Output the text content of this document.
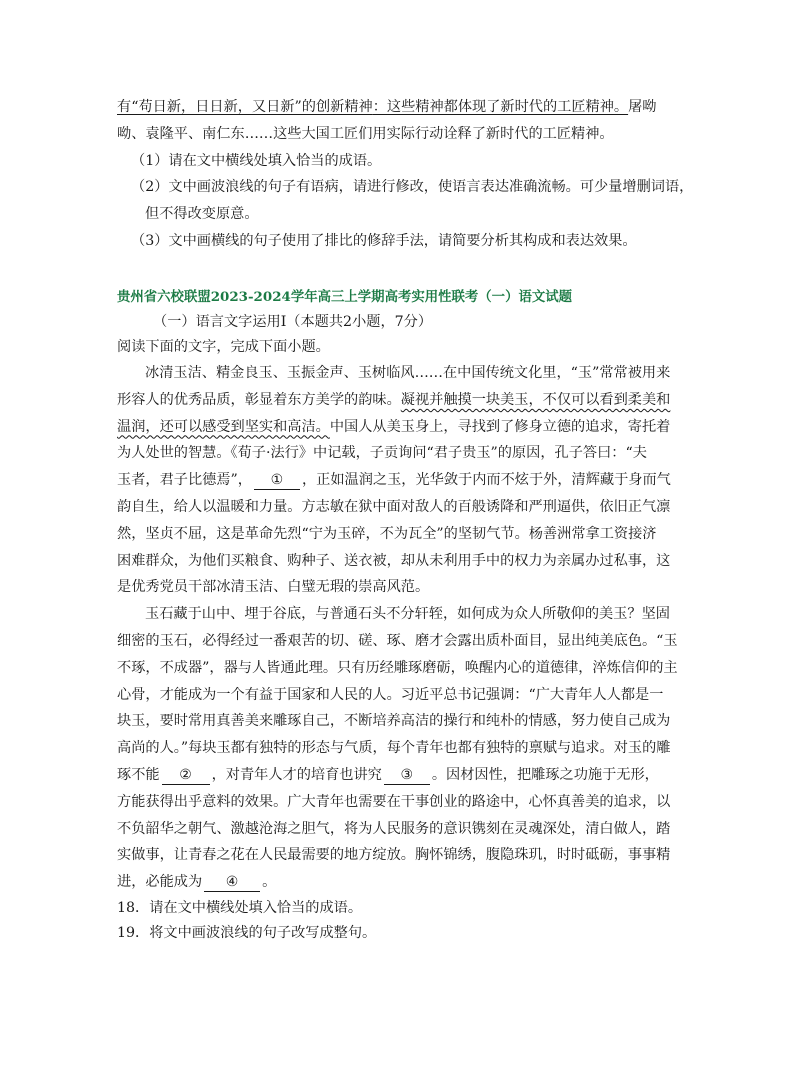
有“苟日新，日日新，又日新”的创新精神：这些精神都体现了新时代的工匠精神。屠呦
呦、袁隆平、南仁东……这些大国工匠们用实际行动诠释了新时代的工匠精神。
（1）请在文中横线处填入恰当的成语。
（2）文中画波浪线的句子有语病，请进行修改，使语言表达准确流畅。可少量增删词语，
但不得改变原意。
（3）文中画横线的句子使用了排比的修辞手法，请简要分析其构成和表达效果。
贵州省六校联盟2023-2024学年高三上学期高考实用性联考（一）语文试题
（一）语言文字运用Ⅰ（本题共2小题，7分）
阅读下面的文字，完成下面小题。
冰清玉洁、精金良玉、玉振金声、玉树临风……在中国传统文化里，“玉”常常被用来
形容人的优秀品质，彰显着东方美学的韵味。凝视并触摸一块美玉，不仅可以看到柔美和
温润，还可以感受到坚实和高洁。中国人从美玉身上，寻找到了修身立德的追求，寄托着
为人处世的智慧。《荀子·法行》中记载，子贡询问“君子贵玉”的原因，孔子答曰：“夫
玉者，君子比德焉”， ① ，正如温润之玉，光华敛于内而不炫于外，清辉藏于身而气
韵自生，给人以温暖和力量。方志敏在狱中面对敌人的百般诱降和严刑逼供，依旧正气凛
然，坚贞不屈，这是革命先烈“宁为玉碎，不为瓦全”的坚韧气节。杨善洲常拿工资接济
困难群众，为他们买粮食、购种子、送衣被，却从未利用手中的权力为亲属办过私事，这
是优秀党员干部冰清玉洁、白璧无瑕的崇高风范。
玉石藏于山中、埋于谷底，与普通石头不分轩轾，如何成为众人所敬仰的美玉？坚固
细密的玉石，必得经过一番艰苦的切、磋、琢、磨才会露出质朴面目，显出纯美底色。“玉
不琢，不成器”，器与人皆通此理。只有历经雕琢磨砺，唤醒内心的道德律，淬炼信仰的主
心骨，才能成为一个有益于国家和人民的人。习近平总书记强调：“广大青年人人都是一
块玉，要时常用真善美来雕琢自己，不断培养高洁的操行和纯朴的情感，努力使自己成为
高尚的人。”每块玉都有独特的形态与气质，每个青年也都有独特的禀赋与追求。对玉的雕
琢不能 ② ，对青年人才的培育也讲究 ③ 。因材因性，把雕琢之功施于无形，
方能获得出乎意料的效果。广大青年也需要在干事创业的路途中，心怀真善美的追求，以
不负韶华之朝气、激越沧海之胆气，将为人民服务的意识镌刻在灵魂深处，清白做人，踏
实做事，让青春之花在人民最需要的地方绽放。胸怀锦绣，腹隐珠玑，时时砥砺，事事精
进，必能成为 ④ 。
18．请在文中横线处填入恰当的成语。
19．将文中画波浪线的句子改写成整句。
